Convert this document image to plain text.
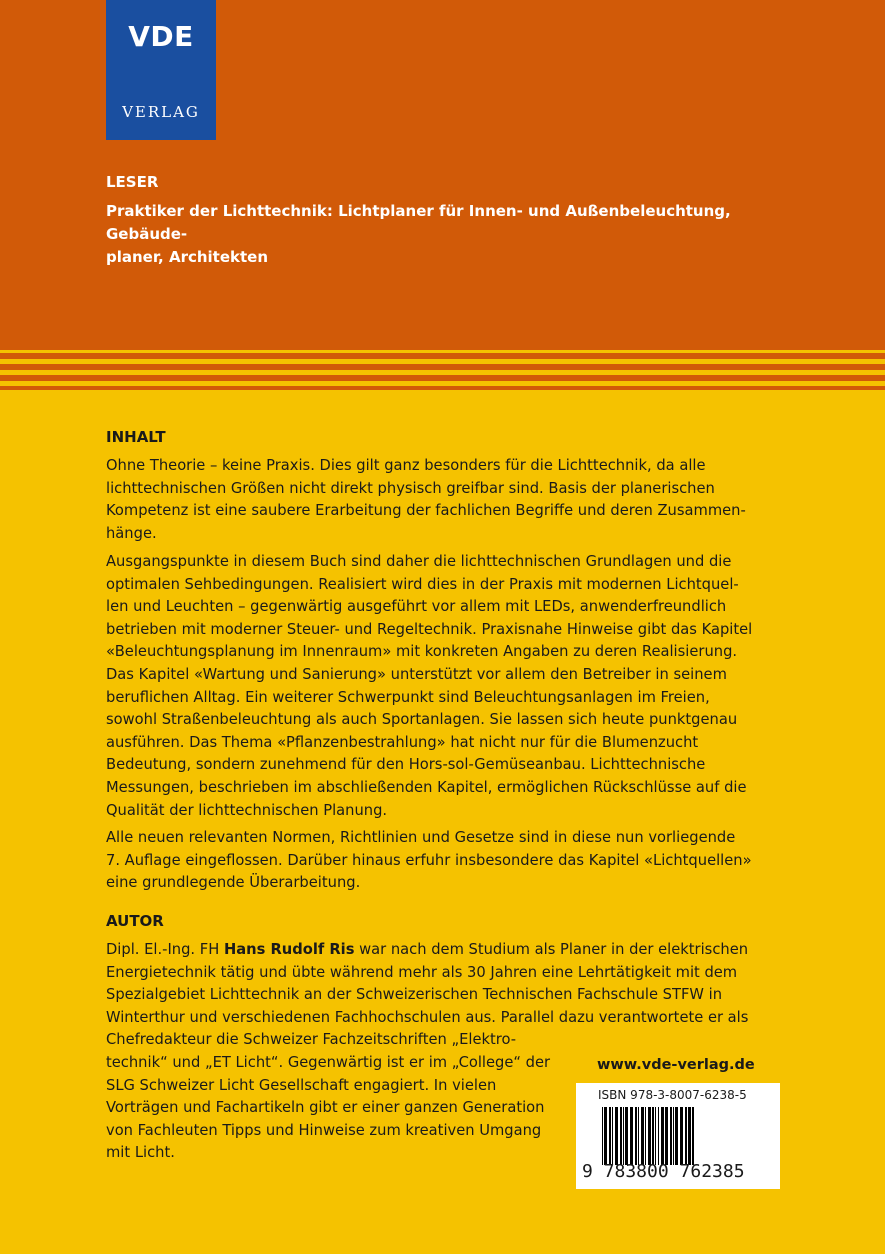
VDE
VERLAG
LESER
Praktiker der Lichttechnik: Lichtplaner für Innen- und Außenbeleuchtung, Gebäude-
planer, Architekten
INHALT
Ohne Theorie – keine Praxis. Dies gilt ganz besonders für die Lichttechnik, da alle
lichttechnischen Größen nicht direkt physisch greifbar sind. Basis der planerischen
Kompetenz ist eine saubere Erarbeitung der fachlichen Begriffe und deren Zusammen-
hänge.
Ausgangspunkte in diesem Buch sind daher die lichttechnischen Grundlagen und die
optimalen Sehbedingungen. Realisiert wird dies in der Praxis mit modernen Lichtquel-
len und Leuchten – gegenwärtig ausgeführt vor allem mit LEDs, anwenderfreundlich
betrieben mit moderner Steuer- und Regeltechnik. Praxisnahe Hinweise gibt das Kapitel
«Beleuchtungsplanung im Innenraum» mit konkreten Angaben zu deren Realisierung.
Das Kapitel «Wartung und Sanierung» unterstützt vor allem den Betreiber in seinem
beruflichen Alltag. Ein weiterer Schwerpunkt sind Beleuchtungsanlagen im Freien,
sowohl Straßenbeleuchtung als auch Sportanlagen. Sie lassen sich heute punktgenau
ausführen. Das Thema «Pflanzenbestrahlung» hat nicht nur für die Blumenzucht
Bedeutung, sondern zunehmend für den Hors-sol-Gemüseanbau. Lichttechnische
Messungen, beschrieben im abschließenden Kapitel, ermöglichen Rückschlüsse auf die
Qualität der lichttechnischen Planung.
Alle neuen relevanten Normen, Richtlinien und Gesetze sind in diese nun vorliegende
7. Auflage eingeflossen. Darüber hinaus erfuhr insbesondere das Kapitel «Lichtquellen»
eine grundlegende Überarbeitung.
AUTOR
Dipl. El.-Ing. FH Hans Rudolf Ris war nach dem Studium als Planer in der elektrischen
Energietechnik tätig und übte während mehr als 30 Jahren eine Lehrtätigkeit mit dem
Spezialgebiet Lichttechnik an der Schweizerischen Technischen Fachschule STFW in
Winterthur und verschiedenen Fachhochschulen aus. Parallel dazu verantwortete er als
Chefredakteur die Schweizer Fachzeitschriften „Elektro-
technik“ und „ET Licht“. Gegenwärtig ist er im „College“ der
SLG Schweizer Licht Gesellschaft engagiert. In vielen
Vorträgen und Fachartikeln gibt er einer ganzen Generation
von Fachleuten Tipps und Hinweise zum kreativen Umgang
mit Licht.
www.vde-verlag.de
ISBN 978-3-8007-6238-5
9 783800 762385
